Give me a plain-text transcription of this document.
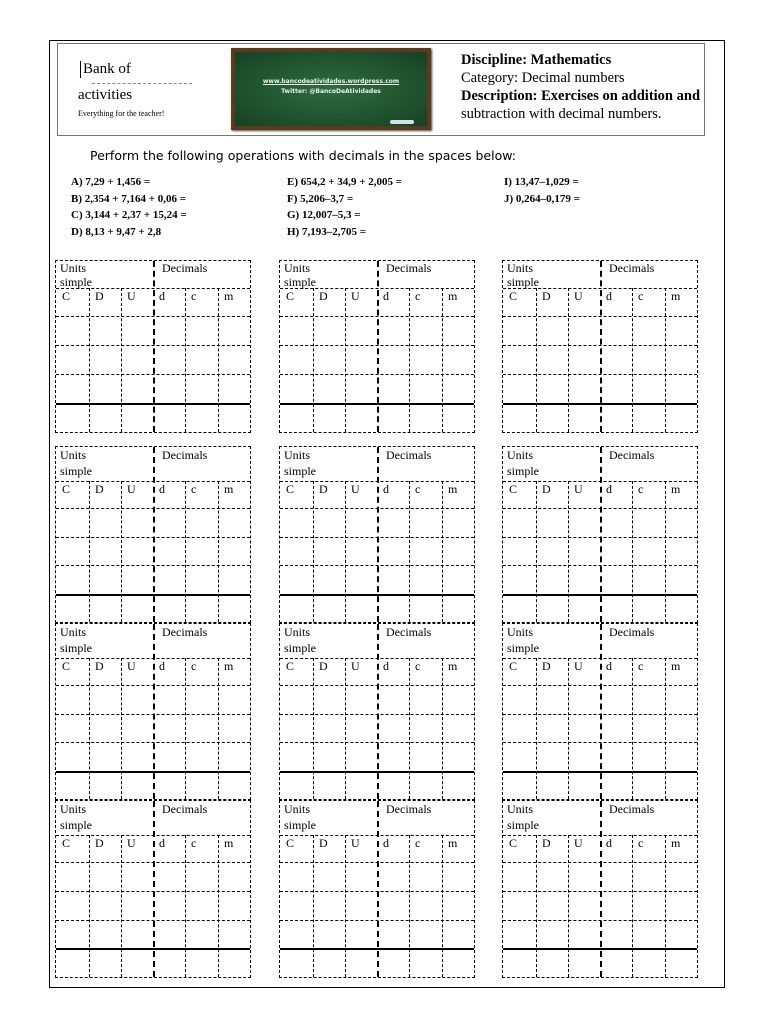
Bank of
activities
Everything for the teacher!
www.bancodeatividades.wordpress.com
Twitter: @BancoDeAtividades
Discipline: Mathematics
Category: Decimal numbers
Description: Exercises on addition and
subtraction with decimal numbers.
Perform the following operations with decimals in the spaces below:
A) 7,29 + 1,456 =
B) 2,354 + 7,164 + 0,06 =
C) 3,144 + 2,37 + 15,24 =
D) 8,13 + 9,47 + 2,8
E) 654,2 + 34,9 + 2,005 =
F) 5,206–3,7 =
G) 12,007–5,3 =
H) 7,193–2,705 =
I) 13,47–1,029 =
J) 0,264–0,179 =
Units
simple
Decimals
C D U d c m
Units
simple
Decimals
C D U d c m
Units
simple
Decimals
C D U d c m
Units
simple
Decimals
C D U d c m
Units
simple
Decimals
C D U d c m
Units
simple
Decimals
C D U d c m
Units
simple
Decimals
C D U d c m
Units
simple
Decimals
C D U d c m
Units
simple
Decimals
C D U d c m
Units
simple
Decimals
C D U d c m
Units
simple
Decimals
C D U d c m
Units
simple
Decimals
C D U d c m
